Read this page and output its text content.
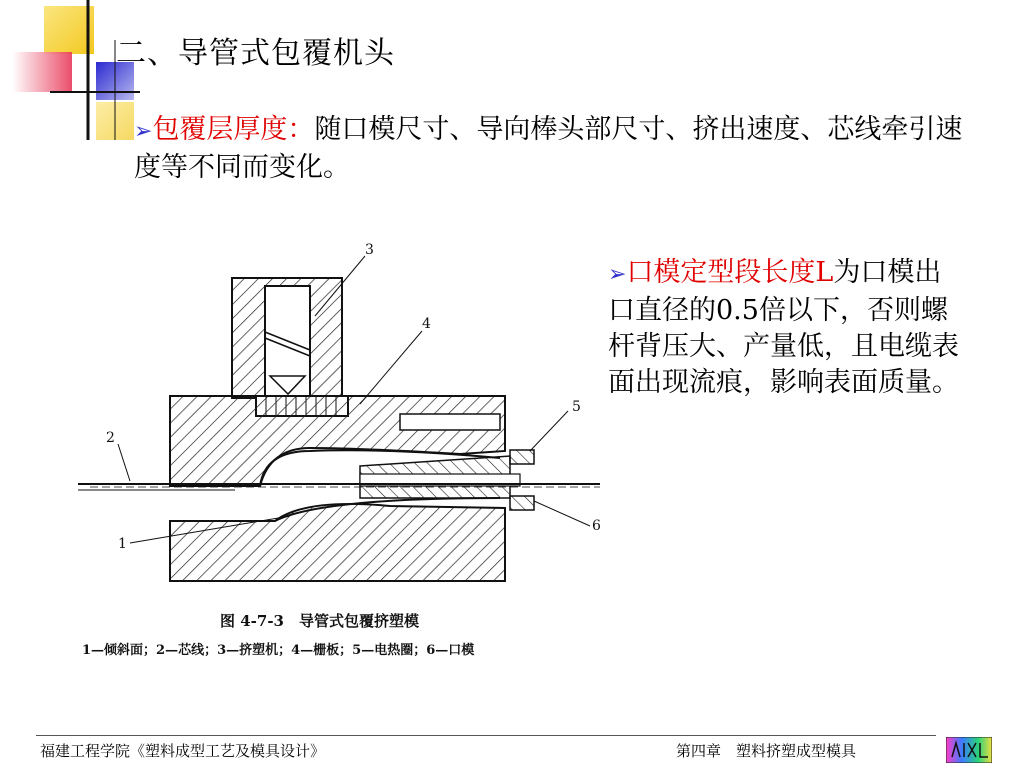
二、导管式包覆机头
➢包覆层厚度：随口模尺寸、导向棒头部尺寸、挤出速度、芯线牵引速度等不同而变化。
➢口模定型段长度L为口模出口直径的0.5倍以下，否则螺杆背压大、产量低，且电缆表面出现流痕，影响表面质量。
1
2
3
4
5
6
图 4-7-3　导管式包覆挤塑模
1—倾斜面；2—芯线；3—挤塑机；4—栅板；5—电热圈；6—口模
福建工程学院《塑料成型工艺及模具设计》	第四章　塑料挤塑成型模具
